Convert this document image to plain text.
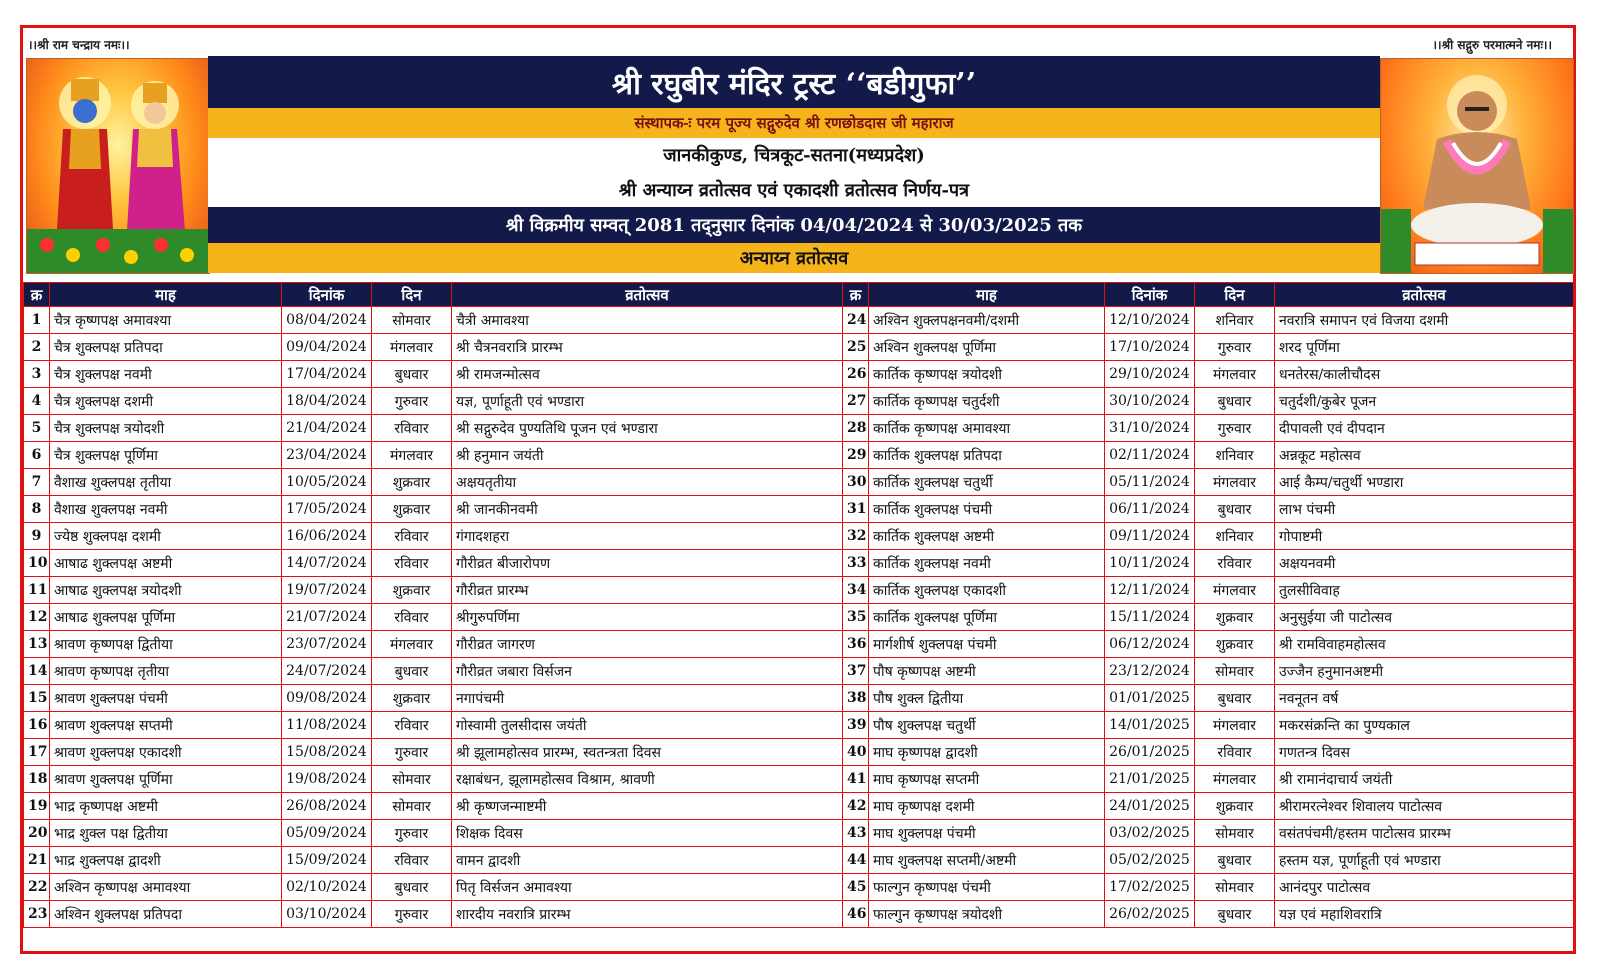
।।श्री राम चन्द्राय नमः।।	।।श्री सद्गुरु परमात्मने नमः।।
श्री रघुबीर मंदिर ट्रस्ट ‘‘बडीगुफा’’
संस्थापक-ः परम पूज्य सद्गुरुदेव श्री रणछोडदास जी महाराज
जानकीकुण्ड, चित्रकूट-सतना(मध्यप्रदेश)
श्री अन्याय्न व्रतोत्सव एवं एकादशी व्रतोत्सव निर्णय-पत्र
श्री विक्रमीय सम्वत् 2081 तद्नुसार दिनांक 04/04/2024 से 30/03/2025 तक
अन्याय्न व्रतोत्सव
क्र	माह	दिनांक	दिन	व्रतोत्सव
1	चैत्र कृष्णपक्ष अमावश्या	08/04/2024	सोमवार	चैत्री अमावश्या
2	चैत्र शुक्लपक्ष प्रतिपदा	09/04/2024	मंगलवार	श्री चैत्रनवरात्रि प्रारम्भ
3	चैत्र शुक्लपक्ष नवमी	17/04/2024	बुधवार	श्री रामजन्मोत्सव
4	चैत्र शुक्लपक्ष दशमी	18/04/2024	गुरुवार	यज्ञ, पूर्णाहूती एवं भण्डारा
5	चैत्र शुक्लपक्ष त्रयोदशी	21/04/2024	रविवार	श्री सद्गुरुदेव पुण्यतिथि पूजन एवं भण्डारा
6	चैत्र शुक्लपक्ष पूर्णिमा	23/04/2024	मंगलवार	श्री हनुमान जयंती
7	वैशाख शुक्लपक्ष तृतीया	10/05/2024	शुक्रवार	अक्षयतृतीया
8	वैशाख शुक्लपक्ष नवमी	17/05/2024	शुक्रवार	श्री जानकीनवमी
9	ज्येष्ठ शुक्लपक्ष दशमी	16/06/2024	रविवार	गंगादशहरा
10	आषाढ शुक्लपक्ष अष्टमी	14/07/2024	रविवार	गौरीव्रत बीजारोपण
11	आषाढ शुक्लपक्ष त्रयोदशी	19/07/2024	शुक्रवार	गौरीव्रत प्रारम्भ
12	आषाढ शुक्लपक्ष पूर्णिमा	21/07/2024	रविवार	श्रीगुरुपर्णिमा
13	श्रावण कृष्णपक्ष द्वितीया	23/07/2024	मंगलवार	गौरीव्रत जागरण
14	श्रावण कृष्णपक्ष तृतीया	24/07/2024	बुधवार	गौरीव्रत जबारा विर्सजन
15	श्रावण शुक्लपक्ष पंचमी	09/08/2024	शुक्रवार	नगापंचमी
16	श्रावण शुक्लपक्ष सप्तमी	11/08/2024	रविवार	गोस्वामी तुलसीदास जयंती
17	श्रावण शुक्लपक्ष एकादशी	15/08/2024	गुरुवार	श्री झूलामहोत्सव प्रारम्भ, स्वतन्त्रता दिवस
18	श्रावण शुक्लपक्ष पूर्णिमा	19/08/2024	सोमवार	रक्षाबंधन, झूलामहोत्सव विश्राम, श्रावणी
19	भाद्र कृष्णपक्ष अष्टमी	26/08/2024	सोमवार	श्री कृष्णजन्माष्टमी
20	भाद्र शुक्ल पक्ष द्वितीया	05/09/2024	गुरुवार	शिक्षक दिवस
21	भाद्र शुक्लपक्ष द्वादशी	15/09/2024	रविवार	वामन द्वादशी
22	अश्विन कृष्णपक्ष अमावश्या	02/10/2024	बुधवार	पितृ विर्सजन अमावश्या
23	अश्विन शुक्लपक्ष प्रतिपदा	03/10/2024	गुरुवार	शारदीय नवरात्रि प्रारम्भ
क्र	माह	दिनांक	दिन	व्रतोत्सव
24	अश्विन शुक्लपक्षनवमी/दशमी	12/10/2024	शनिवार	नवरात्रि समापन एवं विजया दशमी
25	अश्विन शुक्लपक्ष पूर्णिमा	17/10/2024	गुरुवार	शरद पूर्णिमा
26	कार्तिक कृष्णपक्ष त्रयोदशी	29/10/2024	मंगलवार	धनतेरस/कालीचौदस
27	कार्तिक कृष्णपक्ष चतुर्दशी	30/10/2024	बुधवार	चतुर्दशी/कुबेर पूजन
28	कार्तिक कृष्णपक्ष अमावश्या	31/10/2024	गुरुवार	दीपावली एवं दीपदान
29	कार्तिक शुक्लपक्ष प्रतिपदा	02/11/2024	शनिवार	अन्नकूट महोत्सव
30	कार्तिक शुक्लपक्ष चतुर्थी	05/11/2024	मंगलवार	आई कैम्प/चतुर्थी भण्डारा
31	कार्तिक शुक्लपक्ष पंचमी	06/11/2024	बुधवार	लाभ पंचमी
32	कार्तिक शुक्लपक्ष अष्टमी	09/11/2024	शनिवार	गोपाष्टमी
33	कार्तिक शुक्लपक्ष नवमी	10/11/2024	रविवार	अक्षयनवमी
34	कार्तिक शुक्लपक्ष एकादशी	12/11/2024	मंगलवार	तुलसीविवाह
35	कार्तिक शुक्लपक्ष पूर्णिमा	15/11/2024	शुक्रवार	अनुसुईया जी पाटोत्सव
36	मार्गशीर्ष शुक्लपक्ष पंचमी	06/12/2024	शुक्रवार	श्री रामविवाहमहोत्सव
37	पौष कृष्णपक्ष अष्टमी	23/12/2024	सोमवार	उज्जैन हनुमानअष्टमी
38	पौष शुक्ल द्वितीया	01/01/2025	बुधवार	नवनूतन वर्ष
39	पौष शुक्लपक्ष चतुर्थी	14/01/2025	मंगलवार	मकरसंक्रन्ति का पुण्यकाल
40	माघ कृष्णपक्ष द्वादशी	26/01/2025	रविवार	गणतन्त्र दिवस
41	माघ कृष्णपक्ष सप्तमी	21/01/2025	मंगलवार	श्री रामानंदाचार्य जयंती
42	माघ कृष्णपक्ष दशमी	24/01/2025	शुक्रवार	श्रीरामरत्नेश्वर शिवालय पाटोत्सव
43	माघ शुक्लपक्ष पंचमी	03/02/2025	सोमवार	वसंतपंचमी/हस्तम पाटोत्सव प्रारम्भ
44	माघ शुक्लपक्ष सप्तमी/अष्टमी	05/02/2025	बुधवार	हस्तम यज्ञ, पूर्णाहूती एवं भण्डारा
45	फाल्गुन कृष्णपक्ष पंचमी	17/02/2025	सोमवार	आनंदपुर पाटोत्सव
46	फाल्गुन कृष्णपक्ष त्रयोदशी	26/02/2025	बुधवार	यज्ञ एवं महाशिवरात्रि
